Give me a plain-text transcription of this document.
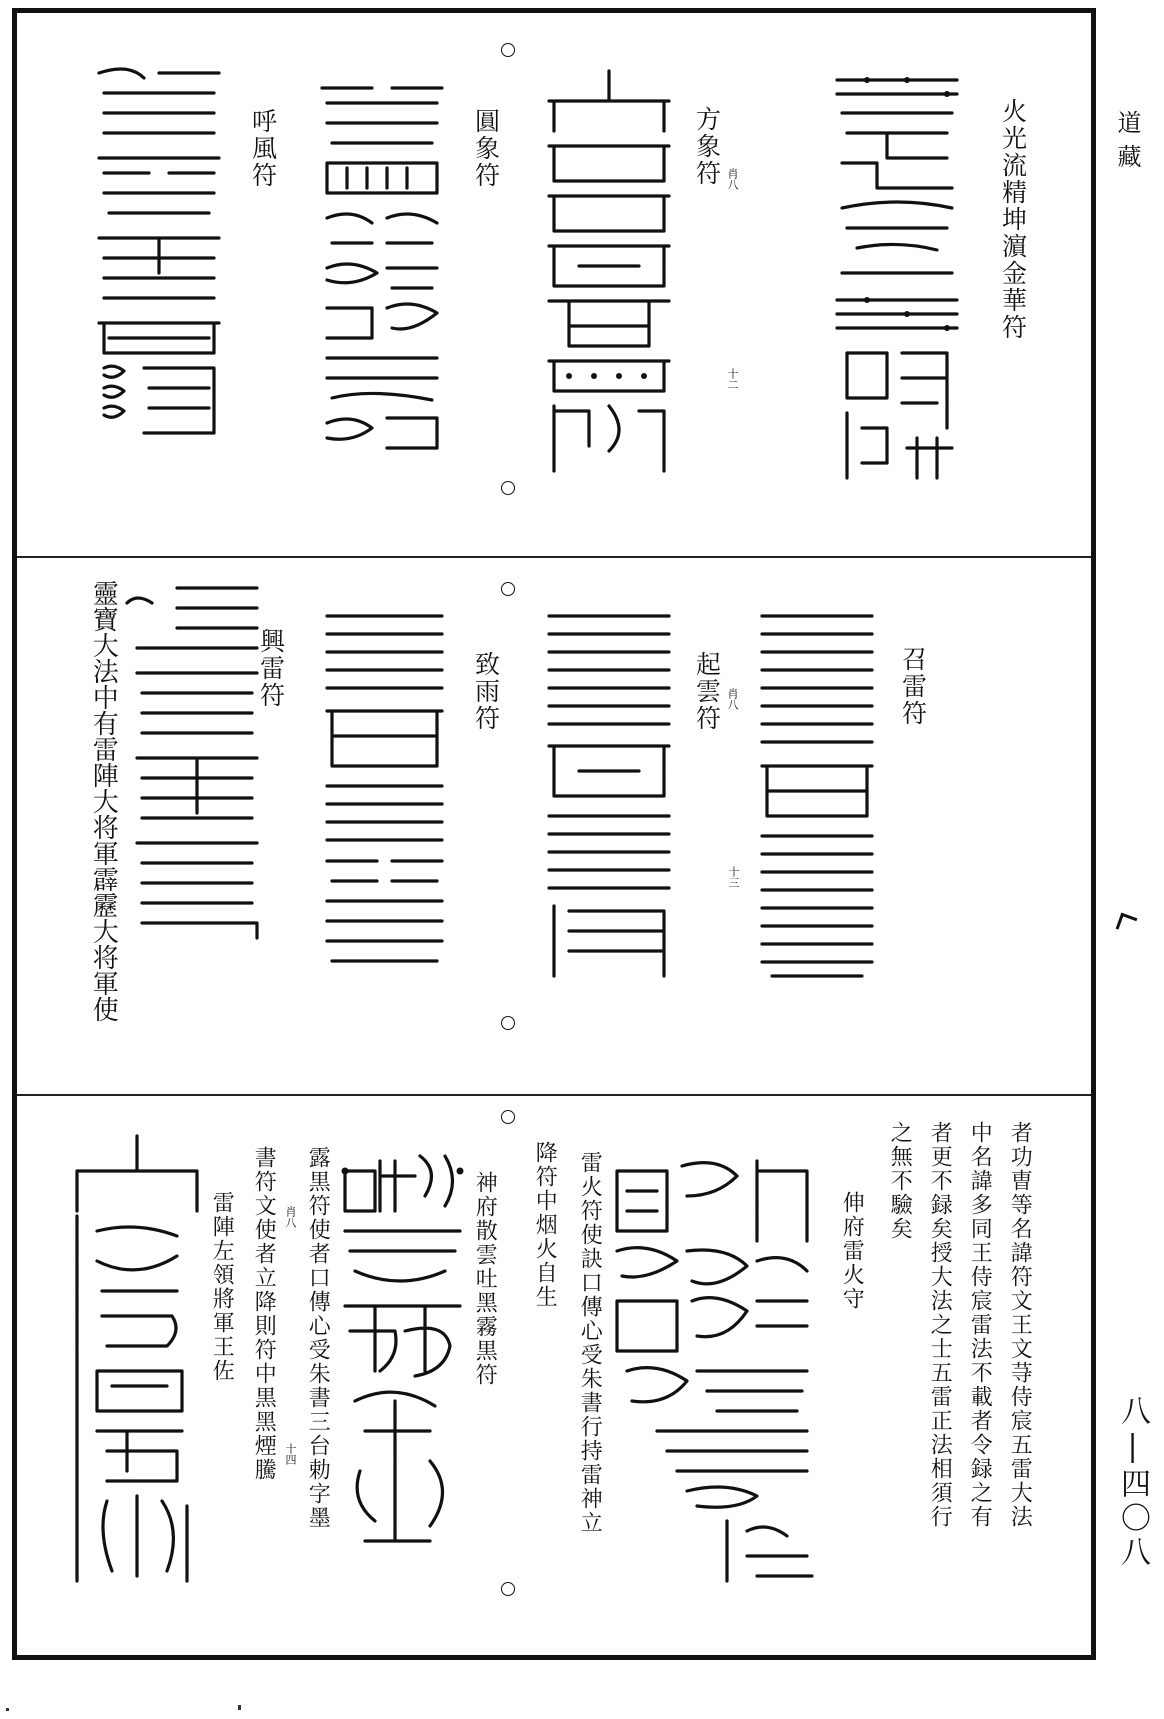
道藏
八|四〇八
火光流精坤濵金華符
方象符 肖八
十二
圓象符
呼風符
召雷符
十三
起雲符 肖八
致雨符
興雷符
靈寶大法中有雷陣大将軍霹靂大将軍使
者功曺等名諱符文王文䒭侍宸五雷大法
中名諱多同王侍宸雷法不載者令録之有
者更不録矣授大法之士五雷正法相須行
之無不驗矣
伸府雷火守
雷火符使訣口傳心受朱書行持雷神立
降符中烟火自生
神府散雲吐黑霧黒符
露黒符使者口傳心受朱書三台勅字墨
肖八
十四
書符文使者立降則符中黒黑煙騰
雷陣左領將軍王佐
